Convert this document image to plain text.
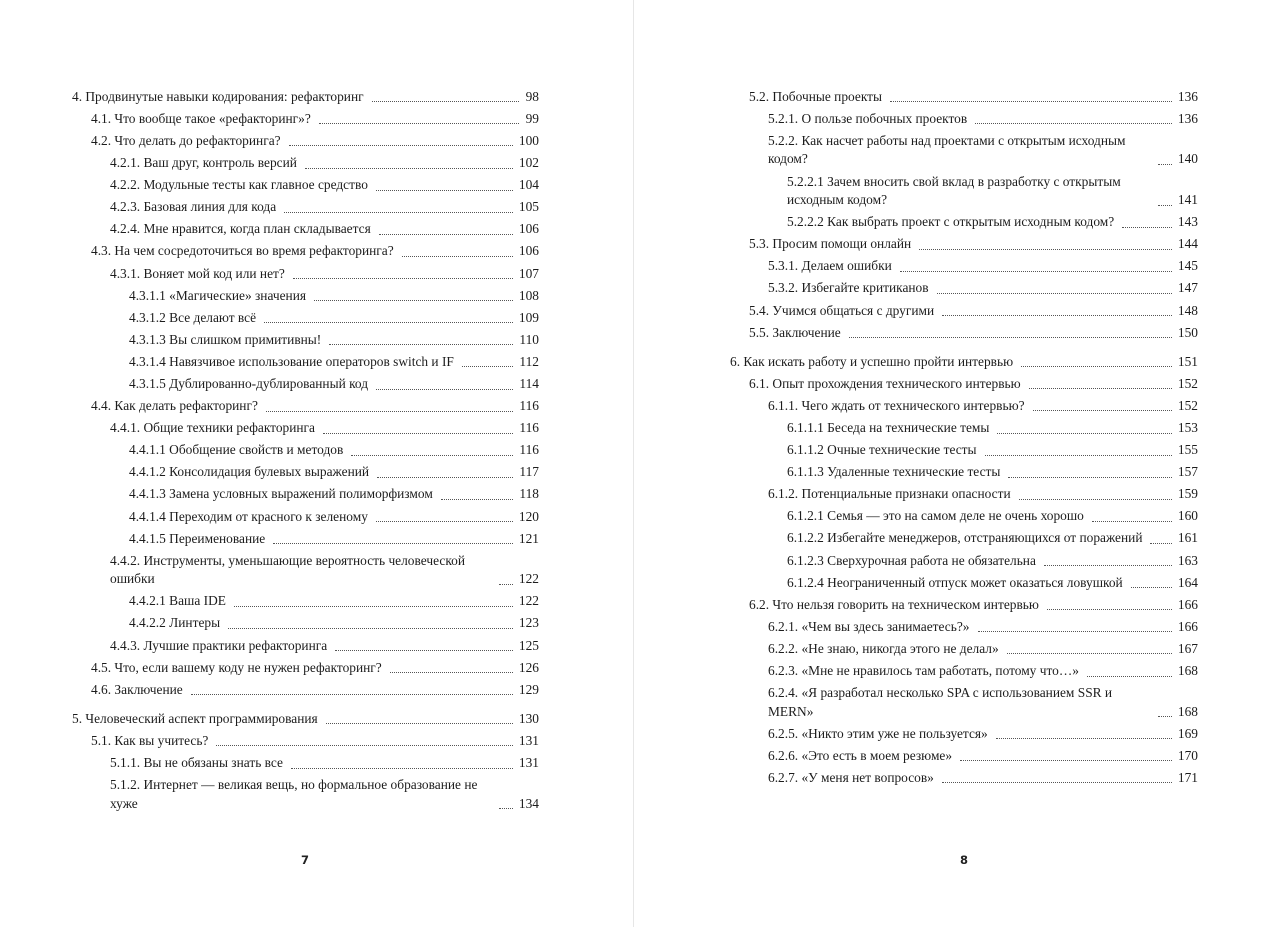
4. Продвинутые навыки кодирования: рефакторинг	98
4.1. Что вообще такое «рефакторинг»?	99
4.2. Что делать до рефакторинга?	100
4.2.1. Ваш друг, контроль версий	102
4.2.2. Модульные тесты как главное средство	104
4.2.3. Базовая линия для кода	105
4.2.4. Мне нравится, когда план складывается	106
4.3. На чем сосредоточиться во время рефакторинга?	106
4.3.1. Воняет мой код или нет?	107
4.3.1.1 «Магические» значения	108
4.3.1.2 Все делают всё	109
4.3.1.3 Вы слишком примитивны!	110
4.3.1.4 Навязчивое использование операторов switch и IF	112
4.3.1.5 Дублированно-дублированный код	114
4.4. Как делать рефакторинг?	116
4.4.1. Общие техники рефакторинга	116
4.4.1.1 Обобщение свойств и методов	116
4.4.1.2 Консолидация булевых выражений	117
4.4.1.3 Замена условных выражений полиморфизмом	118
4.4.1.4 Переходим от красного к зеленому	120
4.4.1.5 Переименование	121
4.4.2. Инструменты, уменьшающие вероятность человеческой ошибки	122
4.4.2.1 Ваша IDE	122
4.4.2.2 Линтеры	123
4.4.3. Лучшие практики рефакторинга	125
4.5. Что, если вашему коду не нужен рефакторинг?	126
4.6. Заключение	129
5. Человеческий аспект программирования	130
5.1. Как вы учитесь?	131
5.1.1. Вы не обязаны знать все	131
5.1.2. Интернет — великая вещь, но формальное образование не хуже	134
7
5.2. Побочные проекты	136
5.2.1. О пользе побочных проектов	136
5.2.2. Как насчет работы над проектами с открытым исходным кодом?	140
5.2.2.1 Зачем вносить свой вклад в разработку с открытым исходным кодом?	141
5.2.2.2 Как выбрать проект с открытым исходным кодом?	143
5.3. Просим помощи онлайн	144
5.3.1. Делаем ошибки	145
5.3.2. Избегайте критиканов	147
5.4. Учимся общаться с другими	148
5.5. Заключение	150
6. Как искать работу и успешно пройти интервью	151
6.1. Опыт прохождения технического интервью	152
6.1.1. Чего ждать от технического интервью?	152
6.1.1.1 Беседа на технические темы	153
6.1.1.2 Очные технические тесты	155
6.1.1.3 Удаленные технические тесты	157
6.1.2. Потенциальные признаки опасности	159
6.1.2.1 Семья — это на самом деле не очень хорошо	160
6.1.2.2 Избегайте менеджеров, отстраняющихся от поражений	161
6.1.2.3 Сверхурочная работа не обязательна	163
6.1.2.4 Неограниченный отпуск может оказаться ловушкой	164
6.2. Что нельзя говорить на техническом интервью	166
6.2.1. «Чем вы здесь занимаетесь?»	166
6.2.2. «Не знаю, никогда этого не делал»	167
6.2.3. «Мне не нравилось там работать, потому что…»	168
6.2.4. «Я разработал несколько SPA с использованием SSR и MERN»	168
6.2.5. «Никто этим уже не пользуется»	169
6.2.6. «Это есть в моем резюме»	170
6.2.7. «У меня нет вопросов»	171
8
